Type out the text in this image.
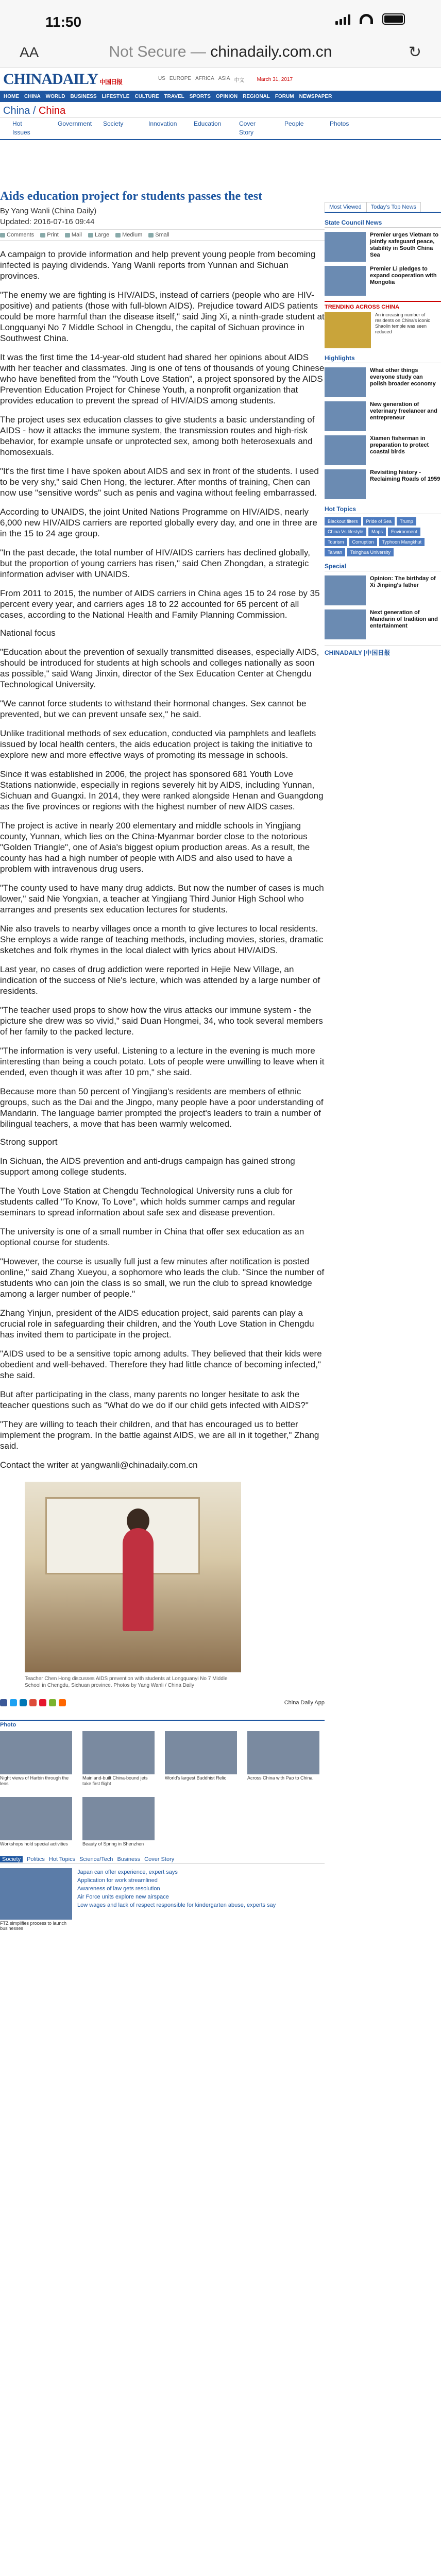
11:50
AA	Not Secure — chinadaily.com.cn	↻
CHINADAILY 中国日报	US EUROPE AFRICA ASIA 中文 March 31, 2017
HOME	CHINA	WORLD	BUSINESS	LIFESTYLE	CULTURE	TRAVEL	SPORTS	OPINION	REGIONAL	FORUM	NEWSPAPER
China / China
Hot Issues
Government	Society	Innovation	Education	Cover Story
People	Photos
Aids education project for students passes the test
By Yang Wanli (China Daily)
Updated: 2016-07-16 09:44
Comments Print Mail Large Medium Small

A campaign to provide information and help prevent young people from becoming infected is paying dividends. Yang Wanli reports from Yunnan and Sichuan provinces.

"The enemy we are fighting is HIV/AIDS, instead of carriers (people who are HIV-positive) and patients (those with full-blown AIDS). Prejudice toward AIDS patients could be more harmful than the disease itself," said Jing Xi, a ninth-grade student at Longquanyi No 7 Middle School in Chengdu, the capital of Sichuan province in Southwest China.

It was the first time the 14-year-old student had shared her opinions about AIDS with her teacher and classmates. Jing is one of tens of thousands of young Chinese who have benefited from the "Youth Love Station", a project sponsored by the AIDS Prevention Education Project for Chinese Youth, a nonprofit organization that provides education to prevent the spread of HIV/AIDS among students.

The project uses sex education classes to give students a basic understanding of AIDS - how it attacks the immune system, the transmission routes and high-risk behavior, for example unsafe or unprotected sex, among both heterosexuals and homosexuals.

"It's the first time I have spoken about AIDS and sex in front of the students. I used to be very shy," said Chen Hong, the lecturer. After months of training, Chen can now use "sensitive words" such as penis and vagina without feeling embarrassed.

According to UNAIDS, the joint United Nations Programme on HIV/AIDS, nearly 6,000 new HIV/AIDS carriers are reported globally every day, and one in three are in the 15 to 24 age group.

"In the past decade, the total number of HIV/AIDS carriers has declined globally, but the proportion of young carriers has risen," said Chen Zhongdan, a strategic information adviser with UNAIDS.

From 2011 to 2015, the number of AIDS carriers in China ages 15 to 24 rose by 35 percent every year, and carriers ages 18 to 22 accounted for 65 percent of all cases, according to the National Health and Family Planning Commission.

National focus

"Education about the prevention of sexually transmitted diseases, especially AIDS, should be introduced for students at high schools and colleges nationally as soon as possible," said Wang Jinxin, director of the Sex Education Center at Chengdu Technological University.

"We cannot force students to withstand their hormonal changes. Sex cannot be prevented, but we can prevent unsafe sex," he said.

Unlike traditional methods of sex education, conducted via pamphlets and leaflets issued by local health centers, the aids education project is taking the initiative to explore new and more effective ways of promoting its message in schools.

Since it was established in 2006, the project has sponsored 681 Youth Love Stations nationwide, especially in regions severely hit by AIDS, including Yunnan, Sichuan and Guangxi. In 2014, they were ranked alongside Henan and Guangdong as the five provinces or regions with the highest number of new AIDS cases.

The project is active in nearly 200 elementary and middle schools in Yingjiang county, Yunnan, which lies on the China-Myanmar border close to the notorious "Golden Triangle", one of Asia's biggest opium production areas. As a result, the county has had a high number of people with AIDS and also used to have a problem with intravenous drug users.

"The county used to have many drug addicts. But now the number of cases is much lower," said Nie Yongxian, a teacher at Yingjiang Third Junior High School who arranges and presents sex education lectures for students.

Nie also travels to nearby villages once a month to give lectures to local residents. She employs a wide range of teaching methods, including movies, stories, dramatic sketches and folk rhymes in the local dialect with lyrics about HIV/AIDS.

Last year, no cases of drug addiction were reported in Hejie New Village, an indication of the success of Nie's lecture, which was attended by a large number of residents.

"The teacher used props to show how the virus attacks our immune system - the picture she drew was so vivid," said Duan Hongmei, 34, who took several members of her family to the packed lecture.

"The information is very useful. Listening to a lecture in the evening is much more interesting than being a couch potato. Lots of people were unwilling to leave when it ended, even though it was after 10 pm," she said.

Because more than 50 percent of Yingjiang's residents are members of ethnic groups, such as the Dai and the Jingpo, many people have a poor understanding of Mandarin. The language barrier prompted the project's leaders to train a number of bilingual teachers, a move that has been warmly welcomed.

Strong support

In Sichuan, the AIDS prevention and anti-drugs campaign has gained strong support among college students.

The Youth Love Station at Chengdu Technological University runs a club for students called "To Know, To Love", which holds summer camps and regular seminars to spread information about safe sex and disease prevention.

The university is one of a small number in China that offer sex education as an optional course for students.

"However, the course is usually full just a few minutes after notification is posted online," said Zhang Xueyou, a sophomore who leads the club. "Since the number of students who can join the class is so small, we run the club to spread knowledge among a larger number of people."

Zhang Yinjun, president of the AIDS education project, said parents can play a crucial role in safeguarding their children, and the Youth Love Station in Chengdu has invited them to participate in the project.

"AIDS used to be a sensitive topic among adults. They believed that their kids were obedient and well-behaved. Therefore they had little chance of becoming infected," she said.

But after participating in the class, many parents no longer hesitate to ask the teacher questions such as "What do we do if our child gets infected with AIDS?"

"They are willing to teach their children, and that has encouraged us to better implement the program. In the battle against AIDS, we are all in it together," Zhang said.

Contact the writer at yangwanli@chinadaily.com.cn

Teacher Chen Hong discusses AIDS prevention with students at Longquanyi No 7 Middle School in Chengdu, Sichuan province. Photos by Yang Wanli / China Daily
China Daily App
Photo
Night views of Harbin through the lens
Mainland-built China-bound jets take first flight
World's largest Buddhist Relic	Across China with Pao to China
Workshops hold special activities	Beauty of Spring in Shenzhen
Society	Politics Hot Topics Science/Tech Business Cover Story
FTZ simplifies process to launch businesses
Japan can offer experience, expert says
Application for work streamlined
Awareness of law gets resolution
Air Force units explore new airspace
Low wages and lack of respect responsible for kindergarten abuse, experts say
Most Viewed	Today's Top News
State Council News
Premier urges Vietnam to jointly safeguard peace, stability in South China Sea
Premier Li pledges to expand cooperation with Mongolia
TRENDING ACROSS CHINA
An increasing number of residents on China's iconic Shaolin temple was seen reduced
Highlights
What other things everyone study can polish broader economy
New generation of veterinary freelancer and entrepreneur
Xiamen fisherman in preparation to protect coastal birds
Revisiting history - Reclaiming Roads of 1959
Hot Topics
Blackout filters	Pride of Sea	Trump
China Vs lifestyle	Maps	Environment
Tourism	Corruption	Typhoon Mangkhut
Taiwan	Tsinghua University
Special
Opinion: The birthday of Xi Jinping's father
Next generation of Mandarin of tradition and entertainment
CHINADAILY |中国日报
